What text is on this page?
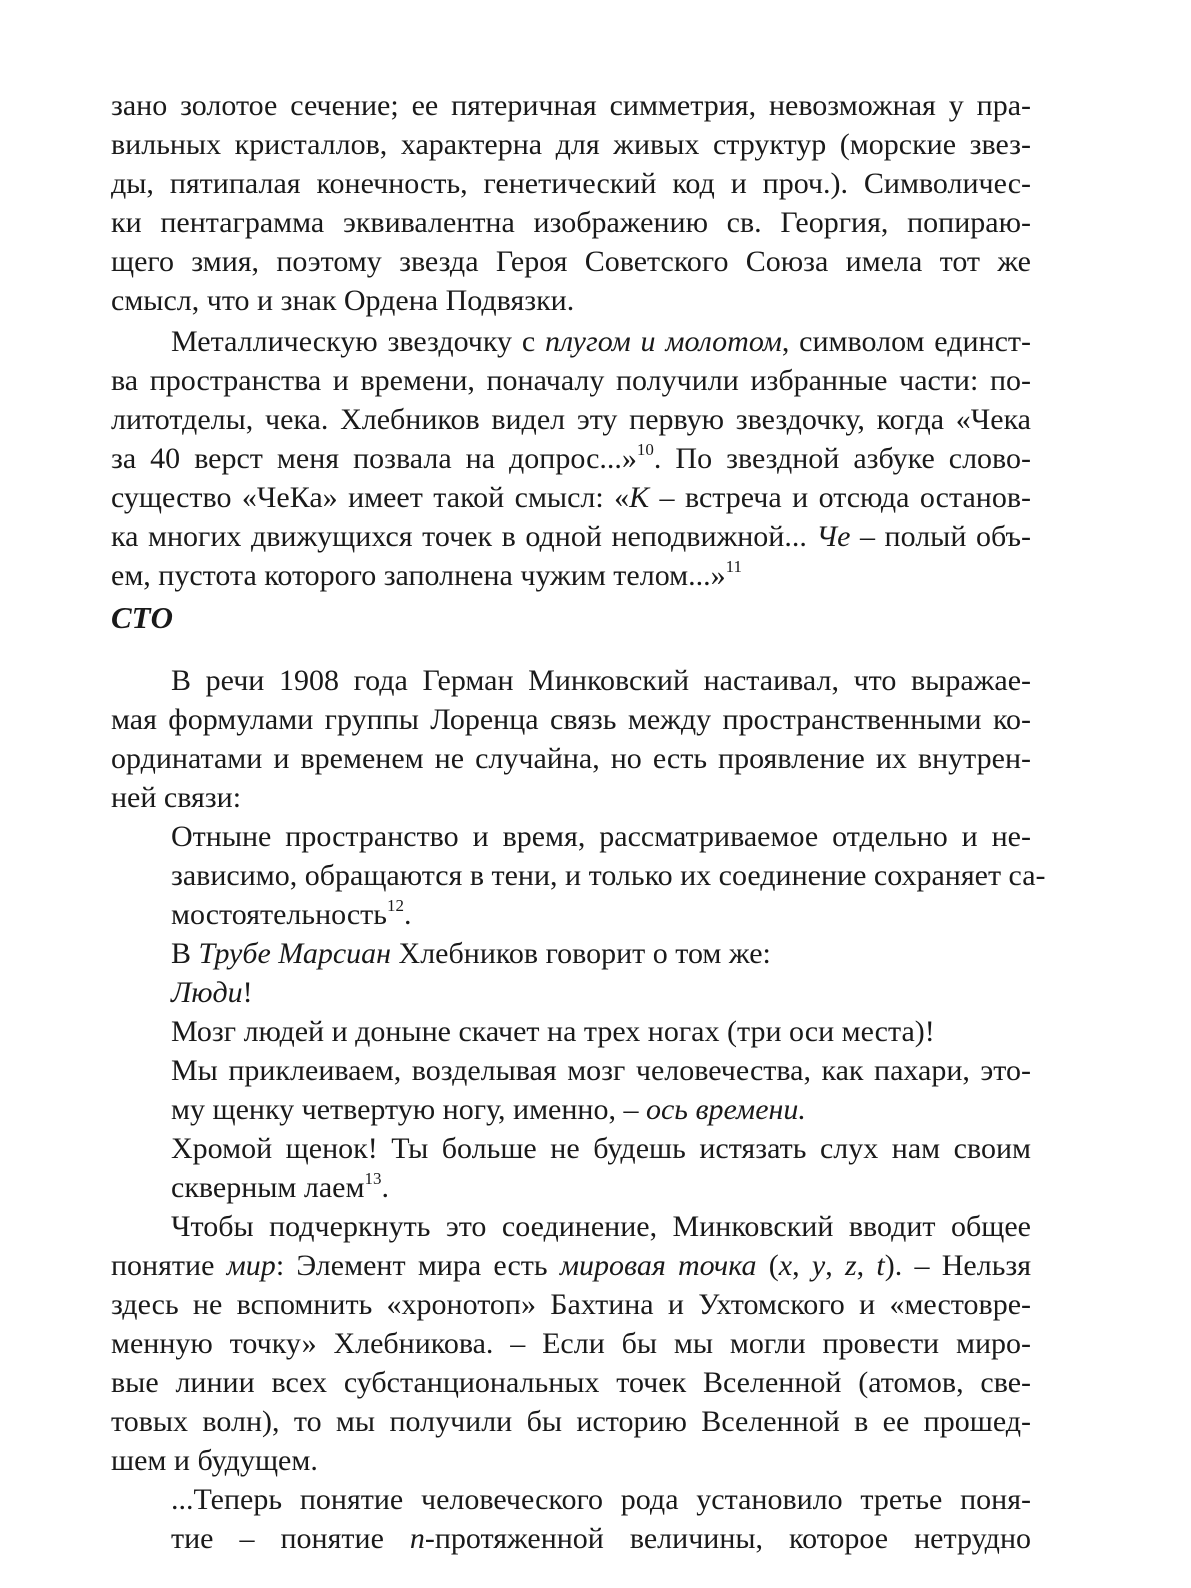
зано золотое сечение; ее пятеричная симметрия, невозможная у пра-

вильных кристаллов, характерна для живых структур (морские звез-

ды, пятипалая конечность, генетический код и проч.). Символичес-

ки пентаграмма эквивалентна изображению св. Георгия, попираю-

щего змия, поэтому звезда Героя Советского Союза имела тот же

смысл, что и знак Ордена Подвязки.

Металлическую звездочку с плугом и молотом, символом единст-

ва пространства и времени, поначалу получили избранные части: по-

литотделы, чека. Хлебников видел эту первую звездочку, когда «Чека

за 40 верст меня позвала на допрос...»$^{10}$. По звездной азбуке слово-

существо «ЧеКа» имеет такой смысл: «К – встреча и отсюда останов-

ка многих движущихся точек в одной неподвижной... Че – полый объ-

ем, пустота которого заполнена чужим телом...»$^{11}$

СТО

В речи 1908 года Герман Минковский настаивал, что выражае-

мая формулами группы Лоренца связь между пространственными ко-

ординатами и временем не случайна, но есть проявление их внутрен-

ней связи:

Отныне пространство и время, рассматриваемое отдельно и не-

зависимо, обращаются в тени, и только их соединение сохраняет са-

мостоятельность$^{12}$.

В Трубе Марсиан Хлебников говорит о том же:

Люди!

Мозг людей и доныне скачет на трех ногах (три оси места)!

Мы приклеиваем, возделывая мозг человечества, как пахари, это-

му щенку четвертую ногу, именно, – ось времени.

Хромой щенок! Ты больше не будешь истязать слух нам своим

скверным лаем$^{13}$.

Чтобы подчеркнуть это соединение, Минковский вводит общее

понятие мир: Элемент мира есть мировая точка (x, y, z, t). – Нельзя

здесь не вспомнить «хронотоп» Бахтина и Ухтомского и «местовре-

менную точку» Хлебникова. – Если бы мы могли провести миро-

вые линии всех субстанциональных точек Вселенной (атомов, све-

товых волн), то мы получили бы историю Вселенной в ее прошед-

шем и будущем.

...Теперь понятие человеческого рода установило третье поня-

тие – понятие n-протяженной величины, которое нетрудно
